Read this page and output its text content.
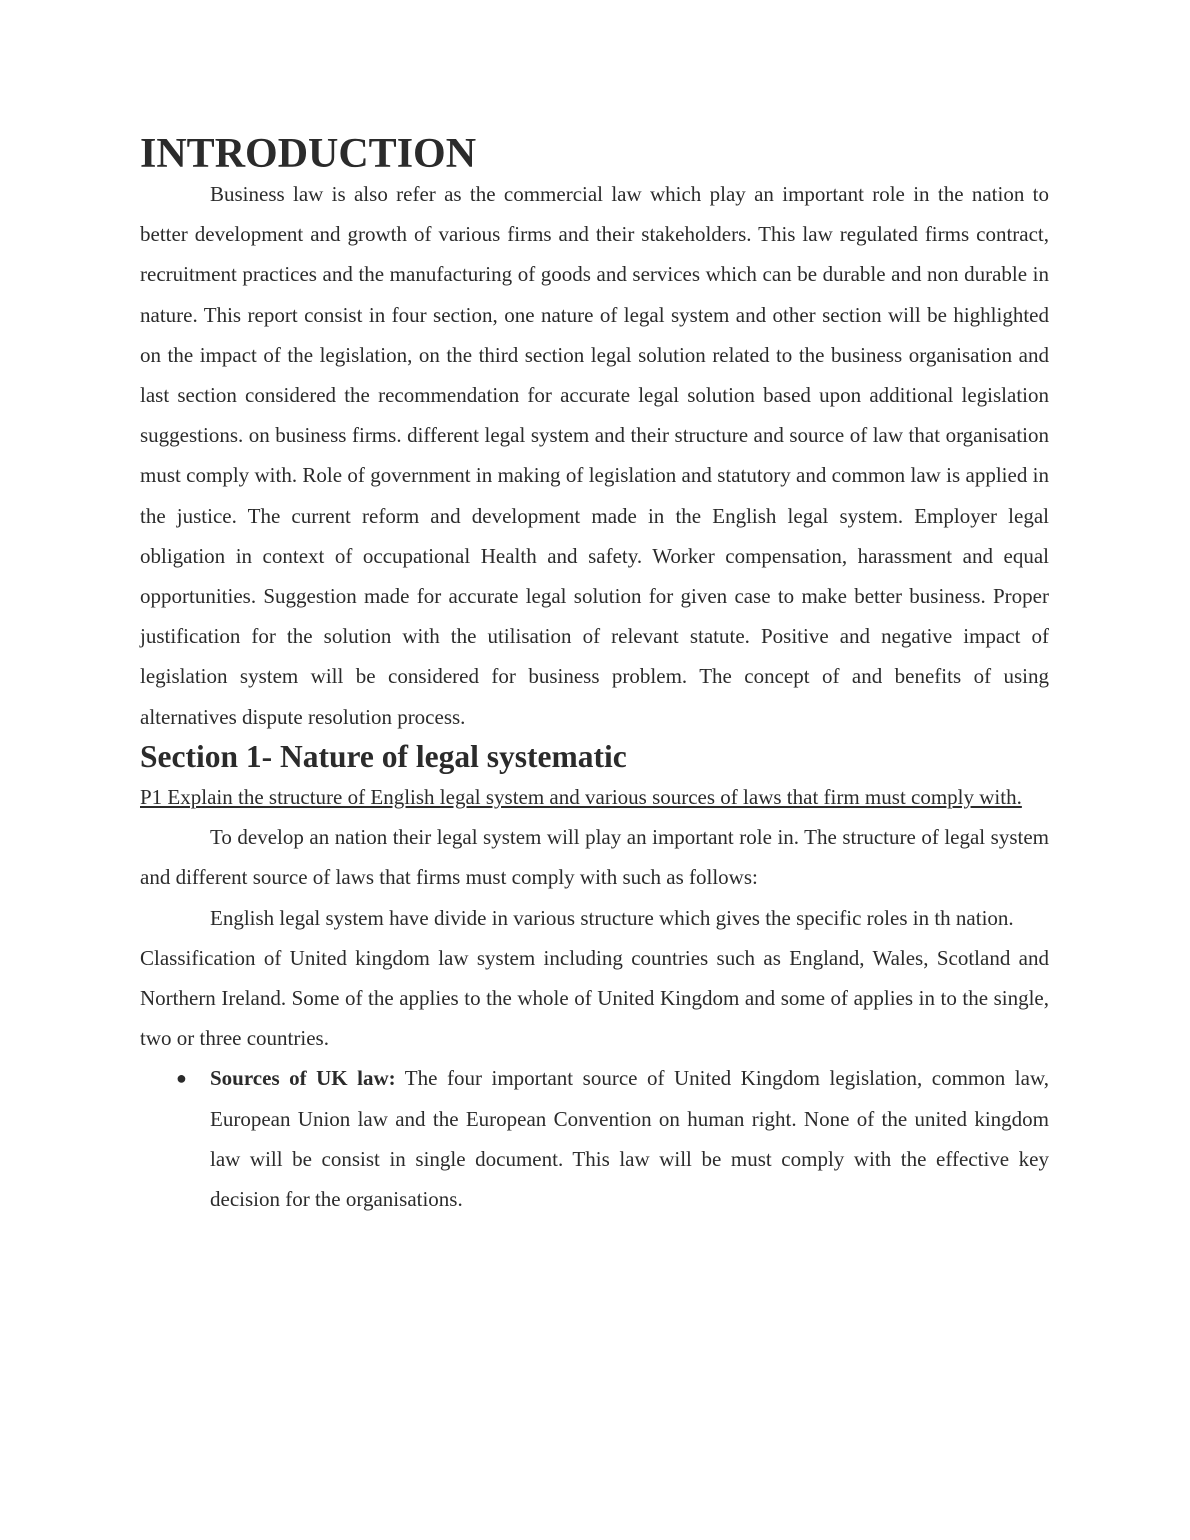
INTRODUCTION

Business law is also refer as the commercial law which play an important role in the nation to better development and growth of various firms and their stakeholders. This law regulated firms contract, recruitment practices and the manufacturing of goods and services which can be durable and non durable in nature. This report consist in four section, one nature of legal system and other section will be highlighted on the impact of the legislation, on the third section legal solution related to the business organisation and last section considered the recommendation for accurate legal solution based upon additional legislation suggestions. on business firms. different legal system and their structure and source of law that organisation must comply with. Role of government in making of legislation and statutory and common law is applied in the justice. The current reform and development made in the English legal system. Employer legal obligation in context of occupational Health and safety. Worker compensation, harassment and equal opportunities. Suggestion made for accurate legal solution for given case to make better business. Proper justification for the solution with the utilisation of relevant statute. Positive and negative impact of legislation system will be considered for business problem. The concept of and benefits of using alternatives dispute resolution process.

Section 1- Nature of legal systematic

P1 Explain the structure of English legal system and various sources of laws that firm must comply with.

To develop an nation their legal system will play an important role in. The structure of legal system and different source of laws that firms must comply with such as follows:

English legal system have divide in various structure which gives the specific roles in th nation.

Classification of United kingdom law system including countries such as England, Wales, Scotland and Northern Ireland. Some of the applies to the whole of United Kingdom and some of applies in to the single, two or three countries.

● Sources of UK law: The four important source of United Kingdom legislation, common law, European Union law and the European Convention on human right. None of the united kingdom law will be consist in single document. This law will be must comply with the effective key decision for the organisations.
